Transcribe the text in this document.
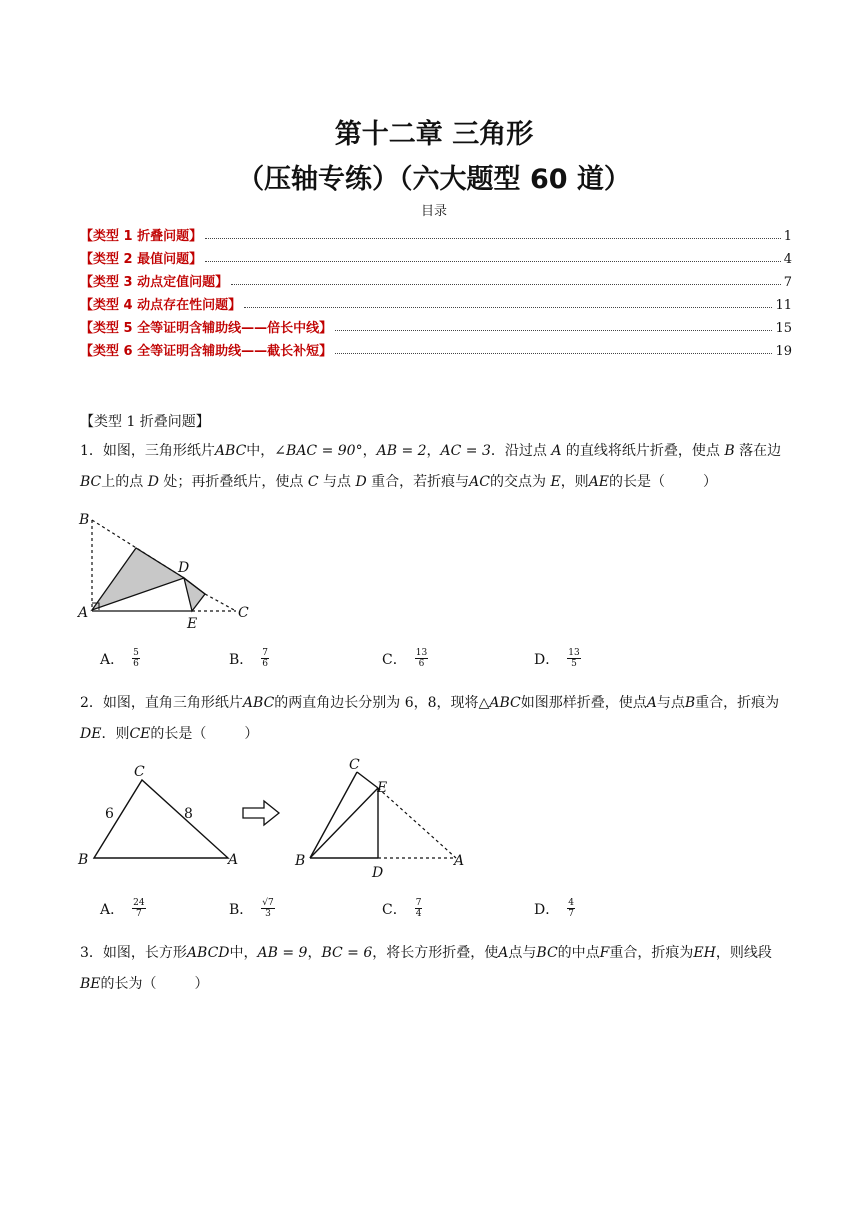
第十二章 三角形
（压轴专练）（六大题型 60 道）
目录
【类型 1 折叠问题】	1
【类型 2 最值问题】	4
【类型 3 动点定值问题】	7
【类型 4 动点存在性问题】	11
【类型 5 全等证明含辅助线——倍长中线】	15
【类型 6 全等证明含辅助线——截长补短】	19
【类型 1 折叠问题】

1．如图，三角形纸片ABC中，∠BAC = 90°，AB = 2，AC = 3．沿过点 A 的直线将纸片折叠，使点 B 落在边
BC上的点 D 处；再折叠纸片，使点 C 与点 D 重合，若折痕与AC的交点为 E，则AE的长是（	）

B
D
A
E
C
A． $\frac{5}{6}$	B． $\frac{7}{6}$	C． $\frac{13}{6}$	D． $\frac{13}{5}$

2．如图，直角三角形纸片ABC的两直角边长分别为 6，8，现将△ABC如图那样折叠，使点A与点B重合，折痕为DE．则CE的长是（	）

C
B	A
6	8
C
E
B
D
A
A． $\frac{24}{7}$	B． $\frac{√7}{3}$	C． $\frac{7}{4}$	D． $\frac{4}{7}$

3．如图，长方形ABCD中，AB = 9，BC = 6，将长方形折叠，使A点与BC的中点F重合，折痕为EH，则线段BE的长为（	）
